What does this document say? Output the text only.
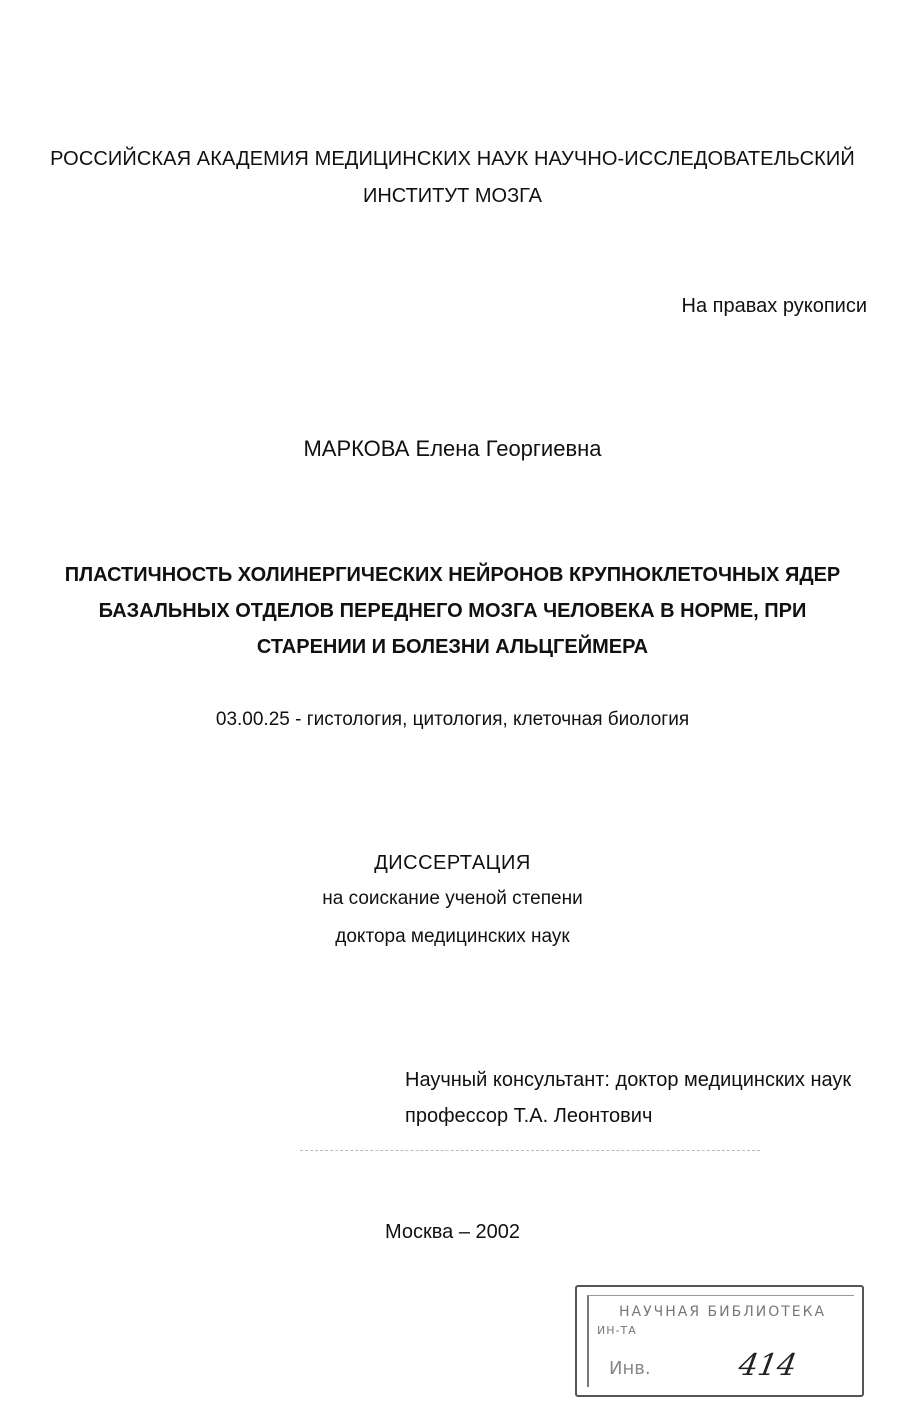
РОССИЙСКАЯ АКАДЕМИЯ МЕДИЦИНСКИХ НАУК НАУЧНО-ИССЛЕДОВАТЕЛЬСКИЙ
ИНСТИТУТ МОЗГА
На правах рукописи
МАРКОВА Елена Георгиевна
ПЛАСТИЧНОСТЬ ХОЛИНЕРГИЧЕСКИХ НЕЙРОНОВ КРУПНОКЛЕТОЧНЫХ ЯДЕР
БАЗАЛЬНЫХ ОТДЕЛОВ ПЕРЕДНЕГО МОЗГА ЧЕЛОВЕКА В НОРМЕ, ПРИ
СТАРЕНИИ И БОЛЕЗНИ АЛЬЦГЕЙМЕРА
03.00.25 - гистология, цитология, клеточная биология
ДИССЕРТАЦИЯ
на соискание ученой степени
доктора медицинских наук
Научный консультант: доктор медицинских наук
профессор Т.А. Леонтович
Москва – 2002
НАУЧНАЯ БИБЛИОТЕКА
ИН-ТА
Инв.	414
